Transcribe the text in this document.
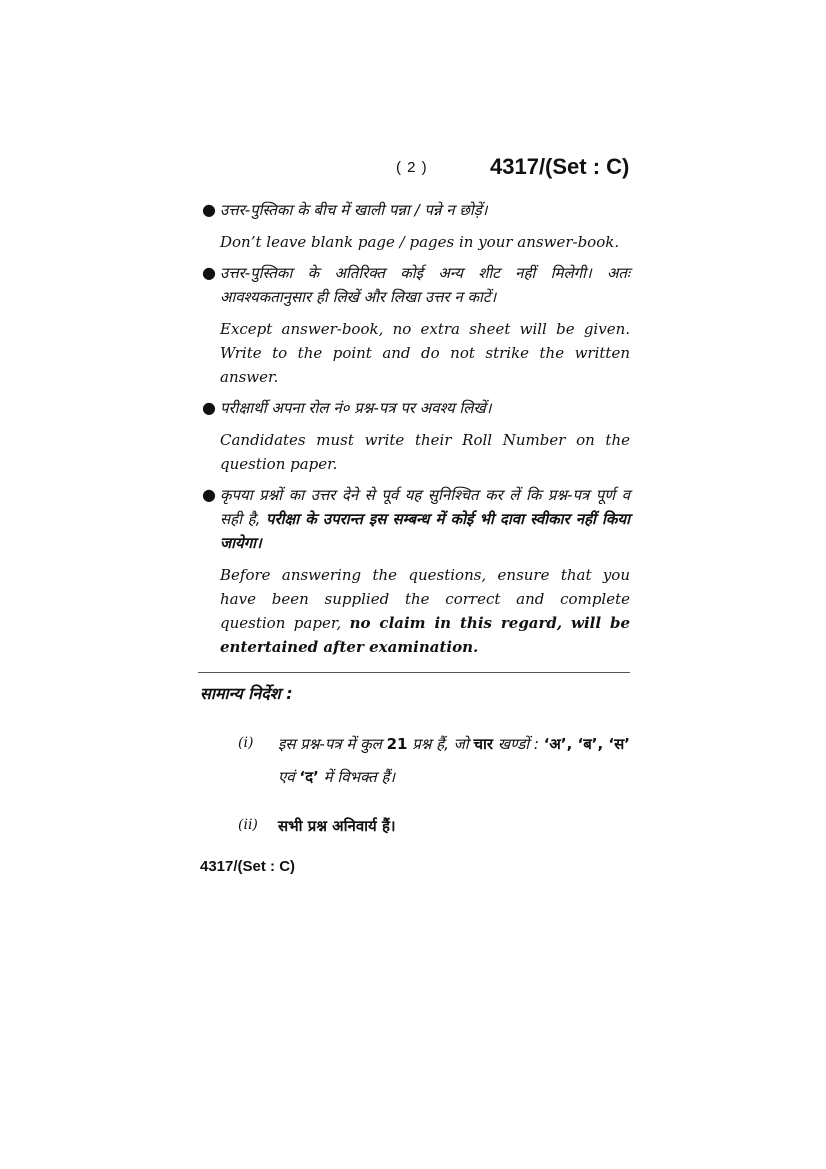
( 2 )	4317/(Set : C)
● उत्तर-पुस्तिका के बीच में खाली पन्ना / पन्ने न छोड़ें।

Don’t leave blank page / pages in your answer-book.

● उत्तर-पुस्तिका के अतिरिक्त कोई अन्य शीट नहीं मिलेगी। अतः आवश्यकतानुसार ही लिखें और लिखा उत्तर न काटें।

Except answer-book, no extra sheet will be given. Write to the point and do not strike the written answer.

● परीक्षार्थी अपना रोल नं० प्रश्न-पत्र पर अवश्य लिखें।

Candidates must write their Roll Number on the question paper.

● कृपया प्रश्नों का उत्तर देने से पूर्व यह सुनिश्चित कर लें कि प्रश्न-पत्र पूर्ण व सही है, परीक्षा के उपरान्त इस सम्बन्ध में कोई भी दावा स्वीकार नहीं किया जायेगा।

Before answering the questions, ensure that you have been supplied the correct and complete question paper, no claim in this regard, will be entertained after examination.

सामान्य निर्देश :
(i) इस प्रश्न-पत्र में कुल 21 प्रश्न हैं, जो चार खण्डों : ‘अ’, ‘ब’, ‘स’ एवं ‘द’ में विभक्त हैं।
(ii) सभी प्रश्न अनिवार्य हैं।
4317/(Set : C)
